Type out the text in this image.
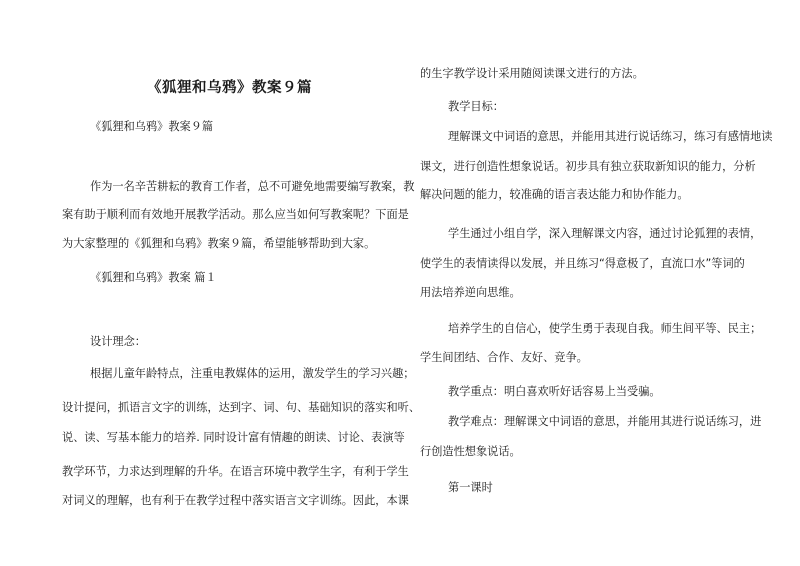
《狐狸和乌鸦》教案９篇

《狐狸和乌鸦》教案９篇

作为一名辛苦耕耘的教育工作者，总不可避免地需要编写教案，教

案有助于顺利而有效地开展教学活动。那么应当如何写教案呢？下面是

为大家整理的《狐狸和乌鸦》教案９篇，希望能够帮助到大家。

《狐狸和乌鸦》教案 篇１

设计理念：

根据儿童年龄特点，注重电教媒体的运用，激发学生的学习兴趣；

设计提问，抓语言文字的训练，达到字、词、句、基础知识的落实和听、

说、读、写基本能力的培养. 同时设计富有情趣的朗读、讨论、表演等

教学环节，力求达到理解的升华。在语言环境中教学生字，有利于学生

对词义的理解，也有利于在教学过程中落实语言文字训练。因此，本课

的生字教学设计采用随阅读课文进行的方法。

教学目标：

理解课文中词语的意思，并能用其进行说话练习，练习有感情地读

课文，进行创造性想象说话。初步具有独立获取新知识的能力，分析

解决问题的能力，较准确的语言表达能力和协作能力。

学生通过小组自学，深入理解课文内容，通过讨论狐狸的表情，

使学生的表情读得以发展，并且练习“得意极了，直流口水”等词的

用法培养逆向思维。

培养学生的自信心，使学生勇于表现自我。师生间平等、民主；

学生间团结、合作、友好、竞争。

教学重点：明白喜欢听好话容易上当受骗。

教学难点：理解课文中词语的意思，并能用其进行说话练习，进

行创造性想象说话。

第一课时
